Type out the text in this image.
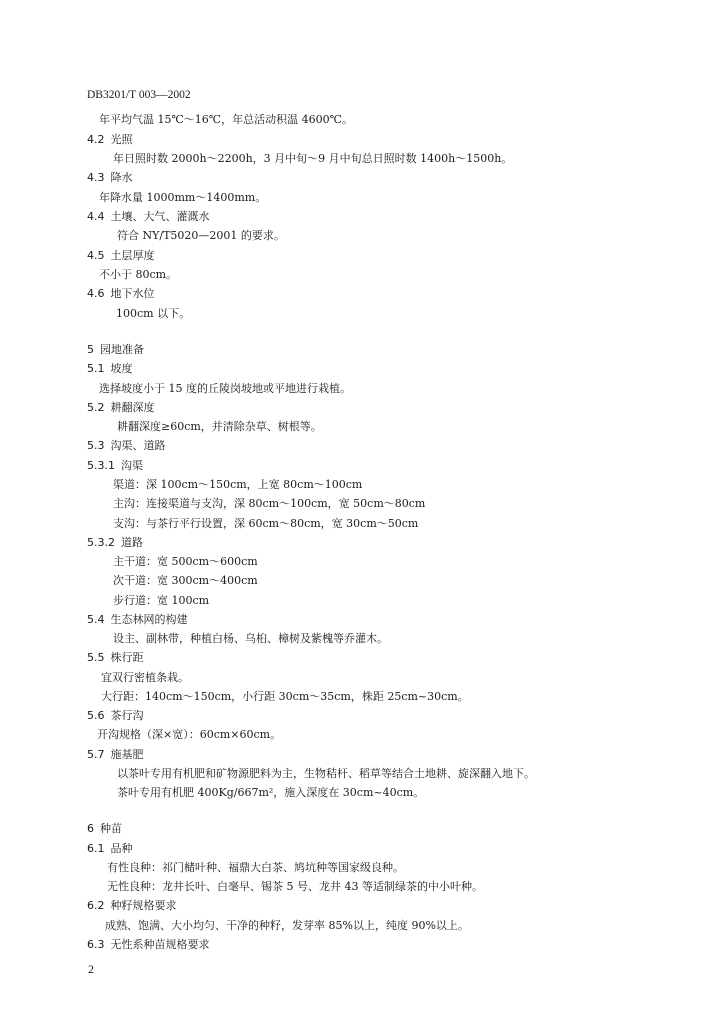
DB3201/T 003—2002
年平均气温 15℃～16℃，年总活动积温 4600℃。
4.2 光照
年日照时数 2000h～2200h，3 月中旬～9 月中旬总日照时数 1400h～1500h。
4.3 降水
年降水量 1000mm～1400mm。
4.4 土壤、大气、灌溉水
符合 NY/T5020—2001 的要求。
4.5 土层厚度
不小于 80cm。
4.6 地下水位
100cm 以下。
5 园地准备
5.1 坡度
选择坡度小于 15 度的丘陵岗坡地或平地进行栽植。
5.2 耕翻深度
耕翻深度≥60cm，并清除杂草、树根等。
5.3 沟渠、道路
5.3.1 沟渠
渠道：深 100cm～150cm，上宽 80cm～100cm
主沟：连接渠道与支沟，深 80cm～100cm，宽 50cm～80cm
支沟：与茶行平行设置，深 60cm～80cm，宽 30cm～50cm
5.3.2 道路
主干道：宽 500cm～600cm
次干道：宽 300cm～400cm
步行道：宽 100cm
5.4 生态林网的构建
设主、副林带，种植白杨、乌桕、樟树及紫槐等乔灌木。
5.5 株行距
宜双行密植条栽。
大行距：140cm～150cm，小行距 30cm～35cm，株距 25cm~30cm。
5.6 茶行沟
开沟规格（深×宽）：60cm×60cm。
5.7 施基肥
以茶叶专用有机肥和矿物源肥料为主，生物秸杆、稻草等结合土地耕、旋深翻入地下。
茶叶专用有机肥 400Kg/667m²，施入深度在 30cm~40cm。
6 种苗
6.1 品种
有性良种：祁门槠叶种、福鼎大白茶、鸠坑种等国家级良种。
无性良种：龙井长叶、白毫早、锡茶 5 号、龙井 43 等适制绿茶的中小叶种。
6.2 种籽规格要求
成熟、饱满、大小均匀、干净的种籽，发芽率 85%以上，纯度 90%以上。
6.3 无性系种苗规格要求
2
